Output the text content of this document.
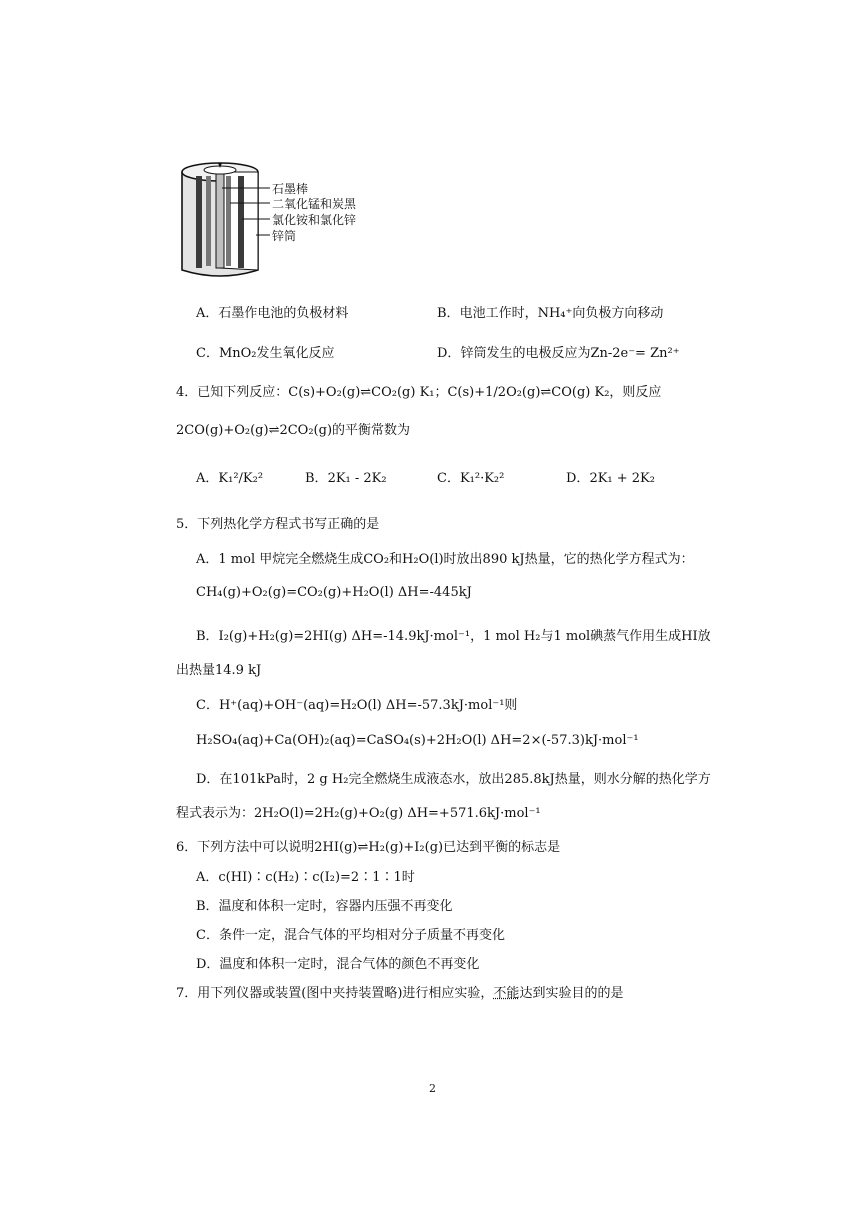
石墨棒
二氧化锰和炭黑
氯化铵和氯化锌
锌筒
A．石墨作电池的负极材料	B．电池工作时，NH₄⁺向负极方向移动
C．MnO₂发生氧化反应	D．锌筒发生的电极反应为Zn-2e⁻= Zn²⁺
4．已知下列反应：C(s)+O₂(g)⇌CO₂(g) K₁；C(s)+1/2O₂(g)⇌CO(g) K₂，则反应
2CO(g)+O₂(g)⇌2CO₂(g)的平衡常数为
A．K₁²/K₂²	B．2K₁ - 2K₂	C．K₁²·K₂²	D．2K₁ + 2K₂
5．下列热化学方程式书写正确的是
A．1 mol 甲烷完全燃烧生成CO₂和H₂O(l)时放出890 kJ热量，它的热化学方程式为：
CH₄(g)+O₂(g)=CO₂(g)+H₂O(l) ΔH=-445kJ
B．I₂(g)+H₂(g)=2HI(g) ΔH=-14.9kJ·mol⁻¹，1 mol H₂与1 mol碘蒸气作用生成HI放
出热量14.9 kJ
C．H⁺(aq)+OH⁻(aq)=H₂O(l) ΔH=-57.3kJ·mol⁻¹则
H₂SO₄(aq)+Ca(OH)₂(aq)=CaSO₄(s)+2H₂O(l) ΔH=2×(-57.3)kJ·mol⁻¹
D．在101kPa时，2 g H₂完全燃烧生成液态水，放出285.8kJ热量，则水分解的热化学方
程式表示为：2H₂O(l)=2H₂(g)+O₂(g) ΔH=+571.6kJ·mol⁻¹
6．下列方法中可以说明2HI(g)⇌H₂(g)+I₂(g)已达到平衡的标志是
A．c(HI)∶c(H₂)∶c(I₂)=2∶1∶1时
B．温度和体积一定时，容器内压强不再变化
C．条件一定，混合气体的平均相对分子质量不再变化
D．温度和体积一定时，混合气体的颜色不再变化
7．用下列仪器或装置(图中夹持装置略)进行相应实验，不能达到实验目的的是
2
